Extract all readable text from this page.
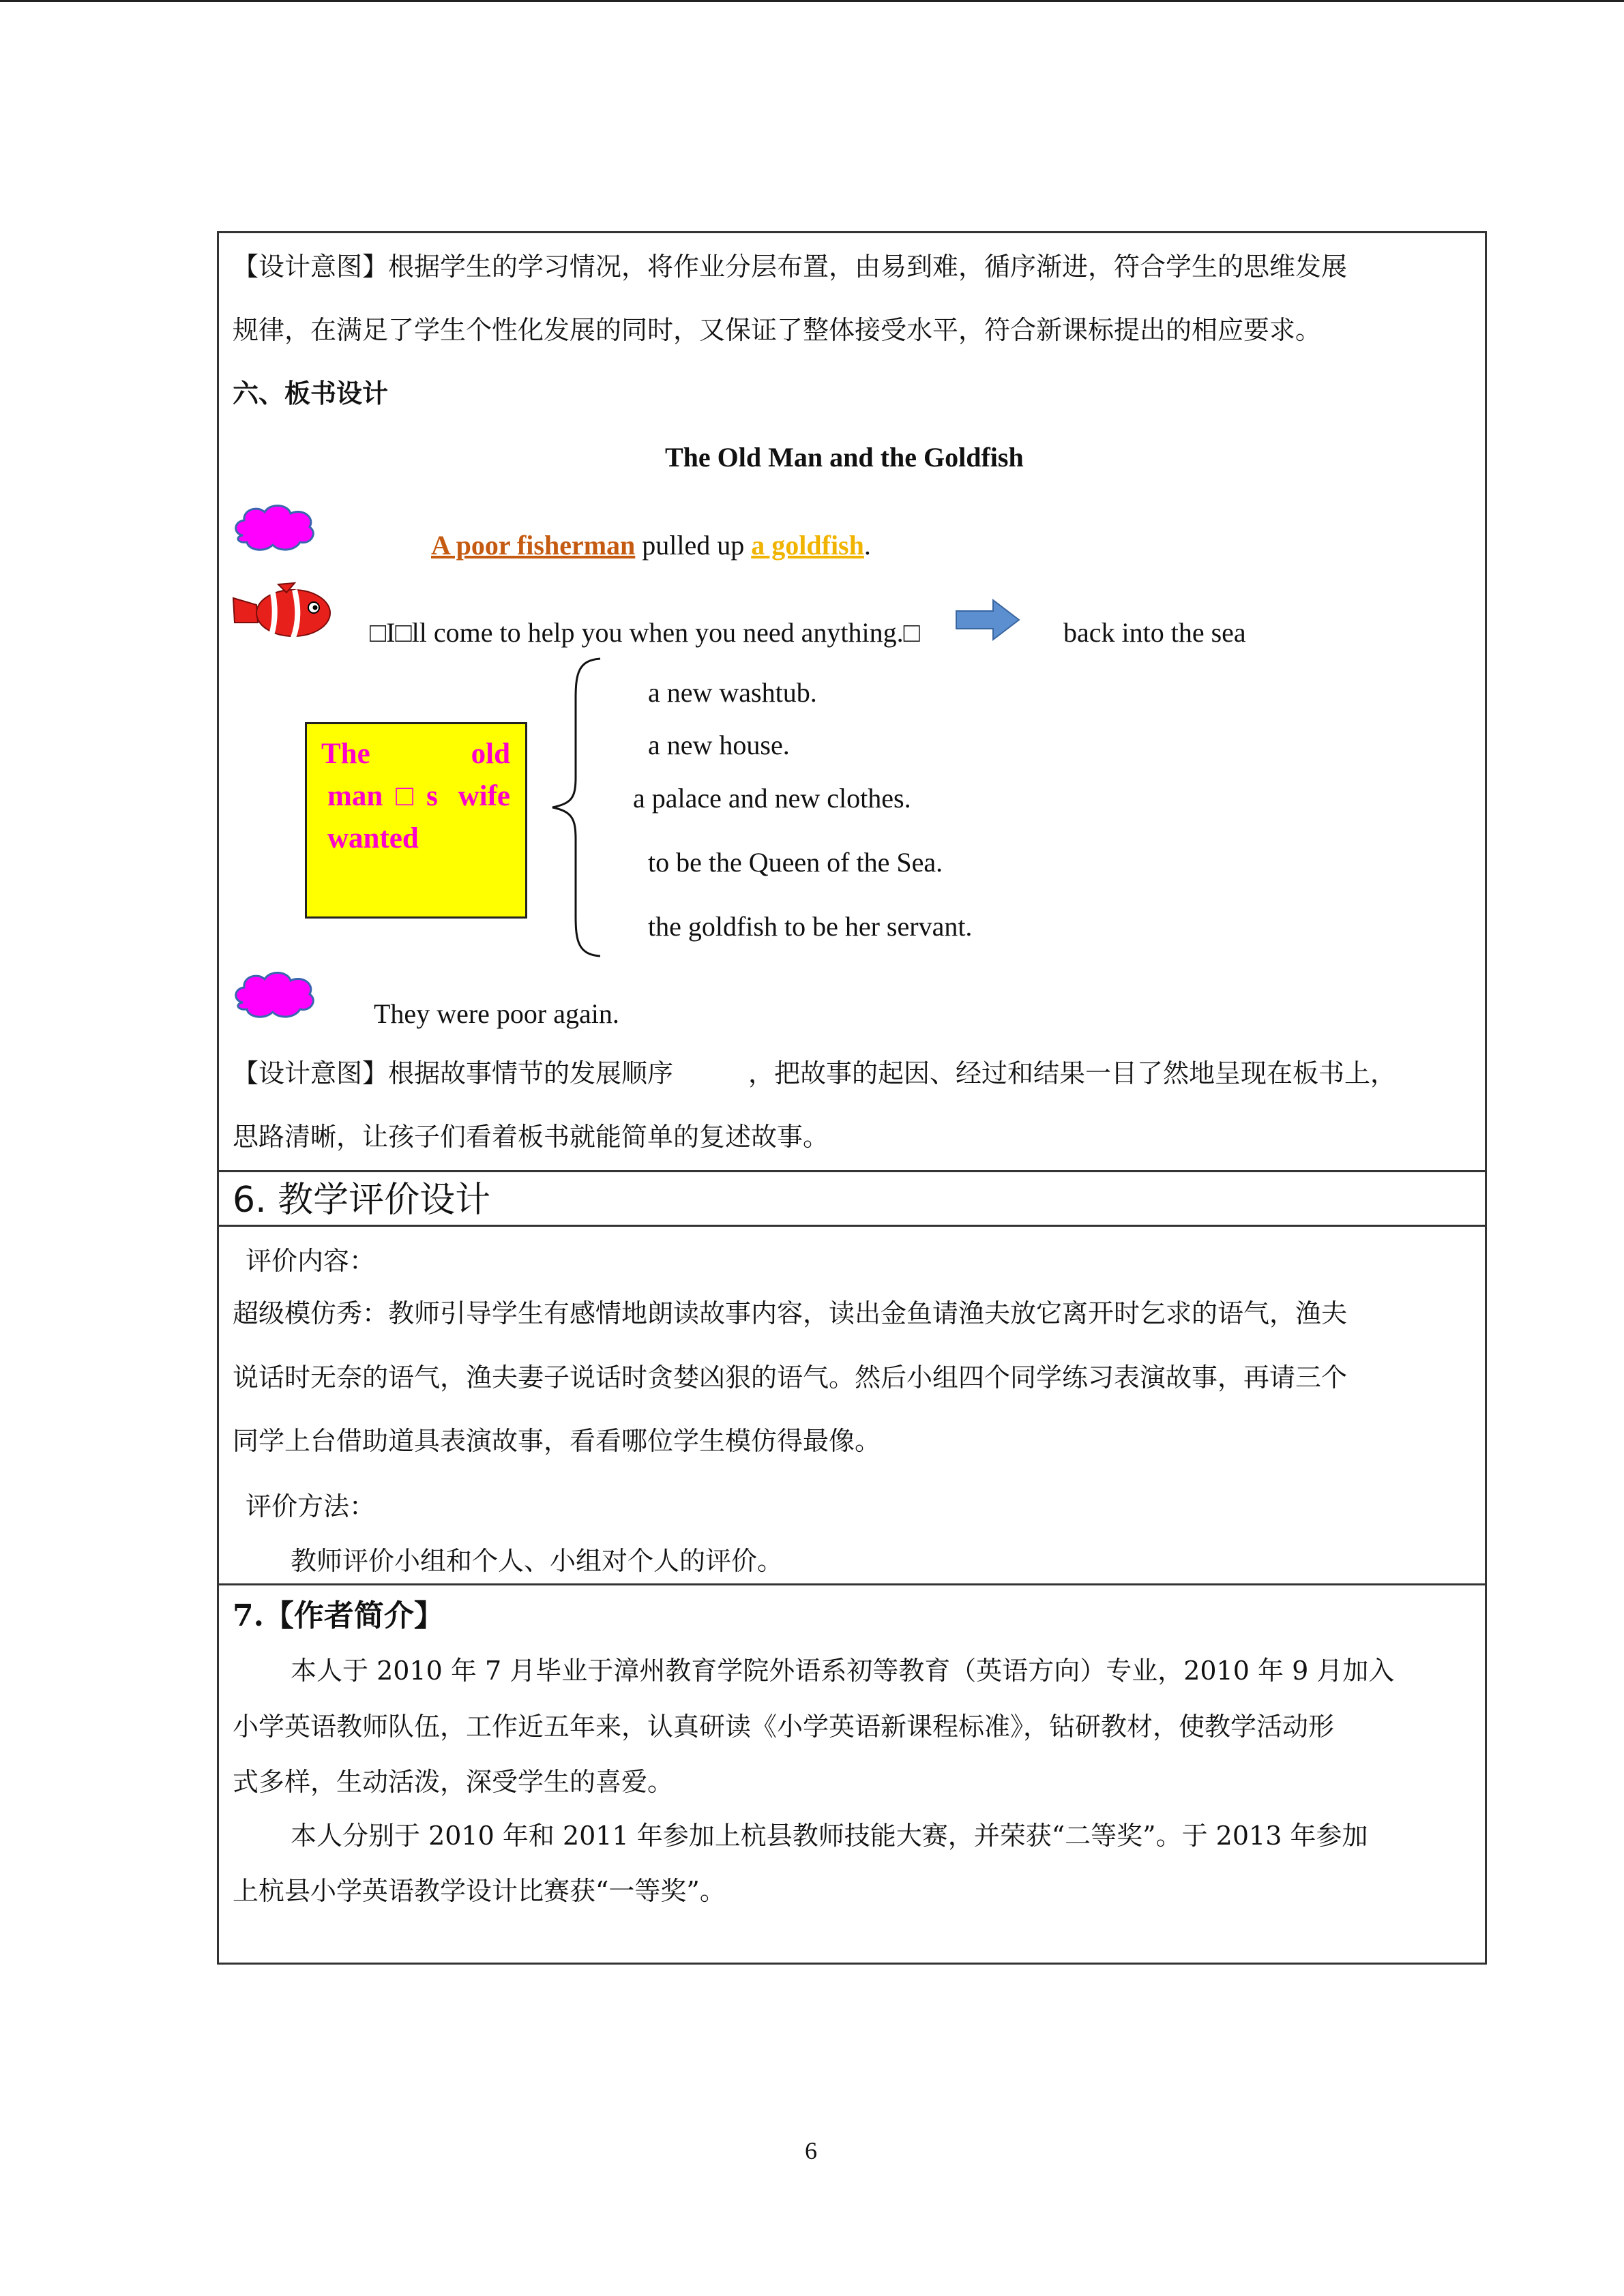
【设计意图】根据学生的学习情况，将作业分层布置，由易到难，循序渐进，符合学生的思维发展
规律，在满足了学生个性化发展的同时，又保证了整体接受水平，符合新课标提出的相应要求。
六、板书设计
The Old Man and the Goldfish
A poor fisherman pulled up a goldfish.
□I□ll come to help you when you need anything.□	back into the sea
The old
man□s wife
wanted
a new washtub.
a new house.
a palace and new clothes.
to be the Queen of the Sea.
the goldfish to be her servant.
They were poor again.
【设计意图】根据故事情节的发展顺序	，把故事的起因、经过和结果一目了然地呈现在板书上，
思路清晰，让孩子们看着板书就能简单的复述故事。
6. 教学评价设计
评价内容：
超级模仿秀：教师引导学生有感情地朗读故事内容，读出金鱼请渔夫放它离开时乞求的语气，渔夫
说话时无奈的语气，渔夫妻子说话时贪婪凶狠的语气。然后小组四个同学练习表演故事，再请三个
同学上台借助道具表演故事，看看哪位学生模仿得最像。
评价方法：
教师评价小组和个人、小组对个人的评价。
7.【作者简介】
本人于 2010 年 7 月毕业于漳州教育学院外语系初等教育（英语方向）专业，2010 年 9 月加入
小学英语教师队伍，工作近五年来，认真研读《小学英语新课程标准》，钻研教材，使教学活动形
式多样，生动活泼，深受学生的喜爱。
本人分别于 2010 年和 2011 年参加上杭县教师技能大赛，并荣获“二等奖”。于 2013 年参加
上杭县小学英语教学设计比赛获“一等奖”。
6
